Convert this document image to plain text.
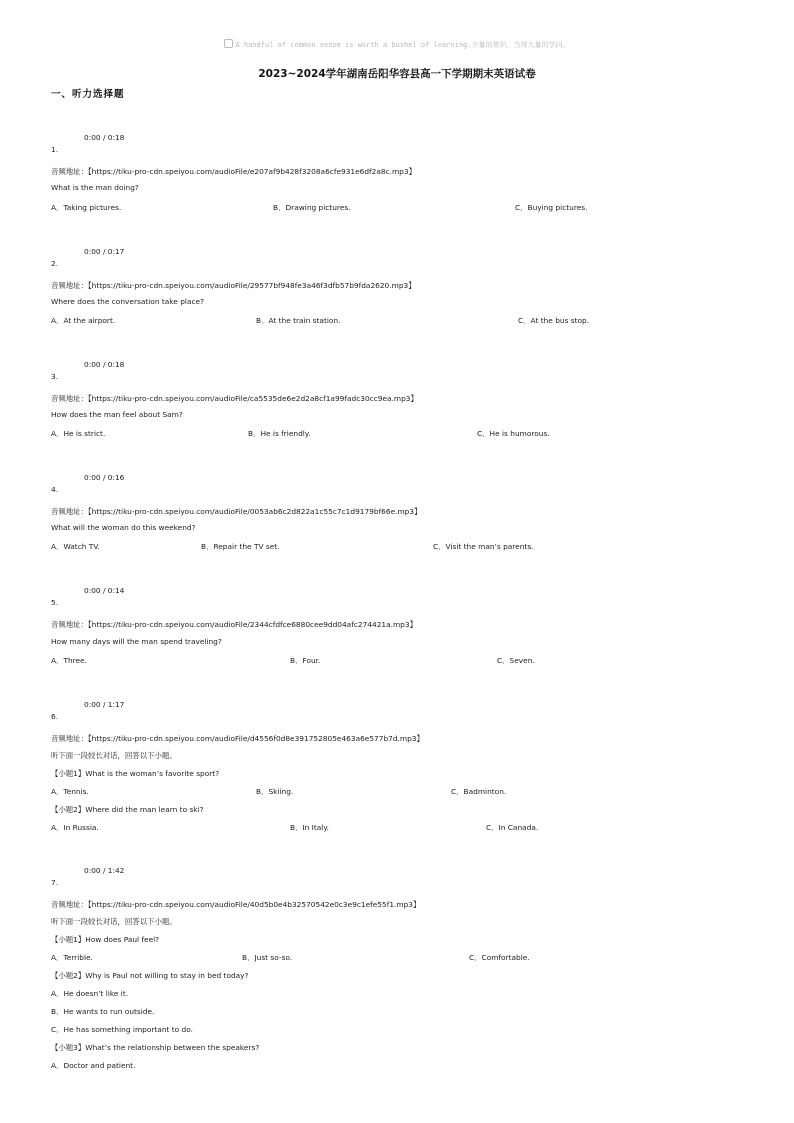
A handful of common sense is worth a bushel of learning.少量的常识，当得大量的学问。
2023~2024学年湖南岳阳华容县高一下学期期末英语试卷
一、听力选择题
0:00 / 0:18
1.
音频地址：【https://tiku-pro-cdn.speiyou.com/audioFile/e207af9b428f3208a6cfe931e6df2a8c.mp3】
What is the man doing?
A．Taking pictures.	B．Drawing pictures.	C．Buying pictures.
0:00 / 0:17
2.
音频地址：【https://tiku-pro-cdn.speiyou.com/audioFile/29577bf948fe3a46f3dfb57b9fda2620.mp3】
Where does the conversation take place?
A．At the airport.	B．At the train station.	C．At the bus stop.
0:00 / 0:18
3.
音频地址：【https://tiku-pro-cdn.speiyou.com/audioFile/ca5535de6e2d2a8cf1a99fadc30cc9ea.mp3】
How does the man feel about Sam?
A．He is strict.	B．He is friendly.	C．He is humorous.
0:00 / 0:16
4.
音频地址：【https://tiku-pro-cdn.speiyou.com/audioFile/0053ab6c2d822a1c55c7c1d9179bf66e.mp3】
What will the woman do this weekend?
A．Watch TV.	B．Repair the TV set.	C．Visit the man’s parents.
0:00 / 0:14
5.
音频地址：【https://tiku-pro-cdn.speiyou.com/audioFile/2344cfdfce6880cee9dd04afc274421a.mp3】
How many days will the man spend traveling?
A．Three.	B．Four.	C．Seven.
0:00 / 1:17
6.
音频地址：【https://tiku-pro-cdn.speiyou.com/audioFile/d4556f0d8e391752805e463a6e577b7d.mp3】
听下面一段较长对话，回答以下小题。
【小题1】What is the woman’s favorite sport?
A．Tennis.	B．Skiing.	C．Badminton.
【小题2】Where did the man learn to ski?
A．In Russia.	B．In Italy.	C．In Canada.
0:00 / 1:42
7.
音频地址：【https://tiku-pro-cdn.speiyou.com/audioFile/40d5b0e4b32570542e0c3e9c1efe55f1.mp3】
听下面一段较长对话，回答以下小题。
【小题1】How does Paul feel?
A．Terrible.	B．Just so-so.	C．Comfortable.
【小题2】Why is Paul not willing to stay in bed today?
A．He doesn’t like it.
B．He wants to run outside.
C．He has something important to do.
【小题3】What’s the relationship between the speakers?
A．Doctor and patient.
